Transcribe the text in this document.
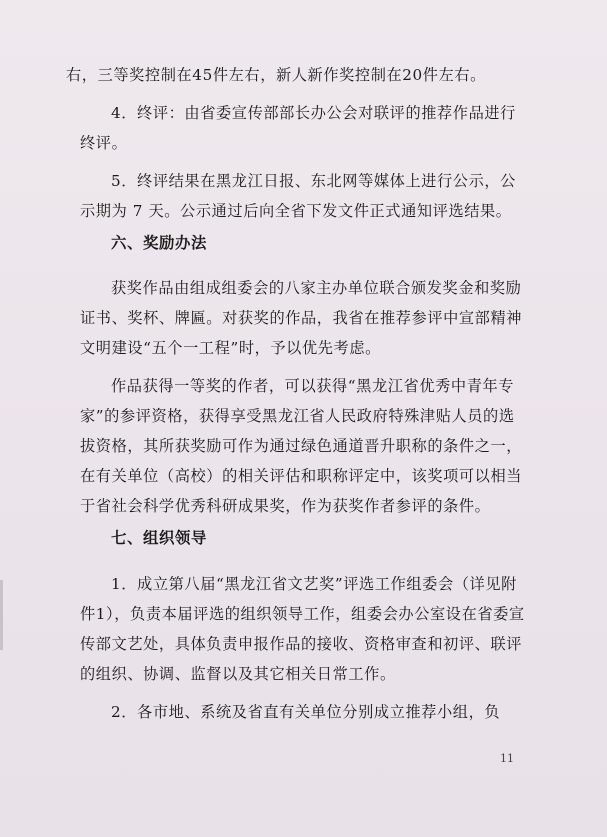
右，三等奖控制在45件左右，新人新作奖控制在20件左右。

4．终评：由省委宣传部部长办公会对联评的推荐作品进行终评。

5．终评结果在黑龙江日报、东北网等媒体上进行公示，公示期为 7 天。公示通过后向全省下发文件正式通知评选结果。

六、奖励办法

获奖作品由组成组委会的八家主办单位联合颁发奖金和奖励证书、奖杯、牌匾。对获奖的作品，我省在推荐参评中宣部精神文明建设“五个一工程”时，予以优先考虑。

作品获得一等奖的作者，可以获得“黑龙江省优秀中青年专家”的参评资格，获得享受黑龙江省人民政府特殊津贴人员的选拔资格，其所获奖励可作为通过绿色通道晋升职称的条件之一，在有关单位（高校）的相关评估和职称评定中，该奖项可以相当于省社会科学优秀科研成果奖，作为获奖作者参评的条件。

七、组织领导

1．成立第八届“黑龙江省文艺奖”评选工作组委会（详见附件1），负责本届评选的组织领导工作，组委会办公室设在省委宣传部文艺处，具体负责申报作品的接收、资格审查和初评、联评的组织、协调、监督以及其它相关日常工作。

2．各市地、系统及省直有关单位分别成立推荐小组，负

11
